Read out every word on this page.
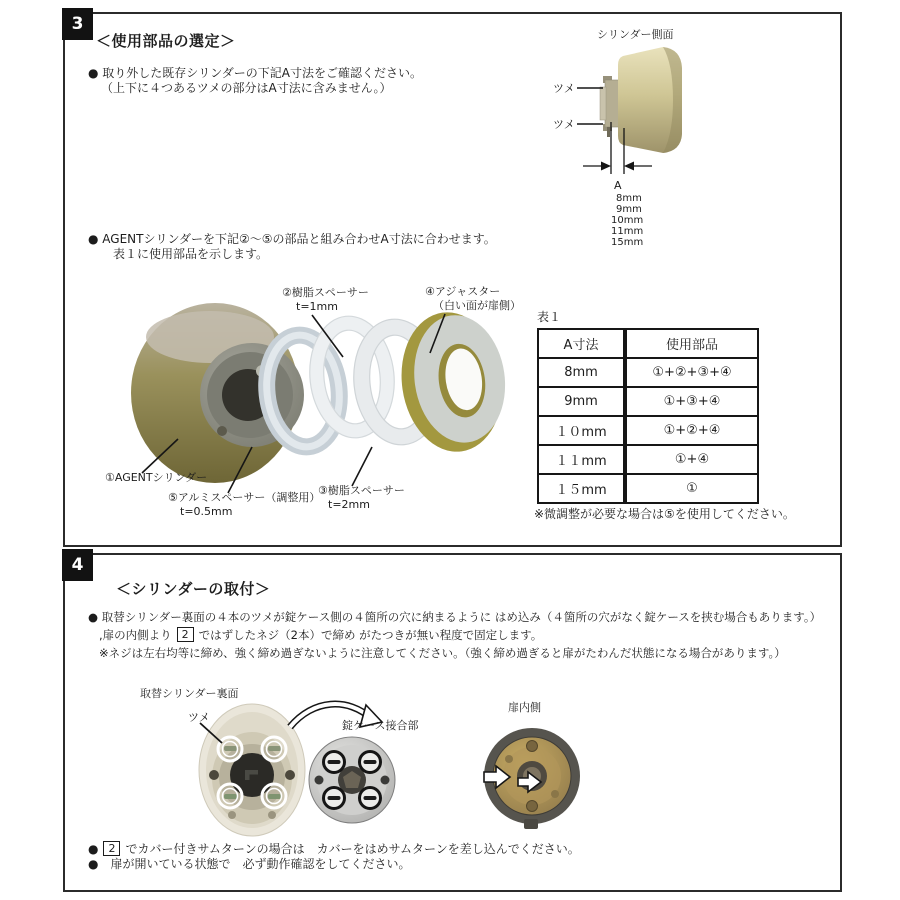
3
＜使用部品の選定＞
● 取り外した既存シリンダーの下記A寸法をご確認ください。
（上下に４つあるツメの部分はA寸法に含みません。）
● AGENTシリンダーを下記②～⑤の部品と組み合わせA寸法に合わせます。
表１に使用部品を示します。
シリンダー側面
ツメ
ツメ
A
8mm
9mm
10mm
11mm
15mm
②樹脂スペーサー
t=1mm
④アジャスター
（白い面が扉側）
①AGENTシリンダー
⑤アルミスペーサー（調整用）
t=0.5mm
③樹脂スペーサー
t=2mm
表１
A寸法	使用部品
8mm	①+②+③+④
9mm	①+③+④
１０mm	①+②+④
１１mm	①+④
１５mm	①
※微調整が必要な場合は⑤を使用してください。
4
＜シリンダーの取付＞
● 取替シリンダー裏面の４本のツメが錠ケース側の４箇所の穴に納まるように はめ込み（４箇所の穴がなく錠ケースを挟む場合もあります。）
,扉の内側より 2 ではずしたネジ（2本）で締め がたつきが無い程度で固定します。
※ネジは左右均等に締め、強く締め過ぎないように注意してください。（強く締め過ぎると扉がたわんだ状態になる場合があります。）
取替シリンダー裏面
ツメ
錠ケース接合部
扉内側
● 2 でカバー付きサムターンの場合は　カバーをはめサムターンを差し込んでください。
●　扉が開いている状態で　必ず動作確認をしてください。
